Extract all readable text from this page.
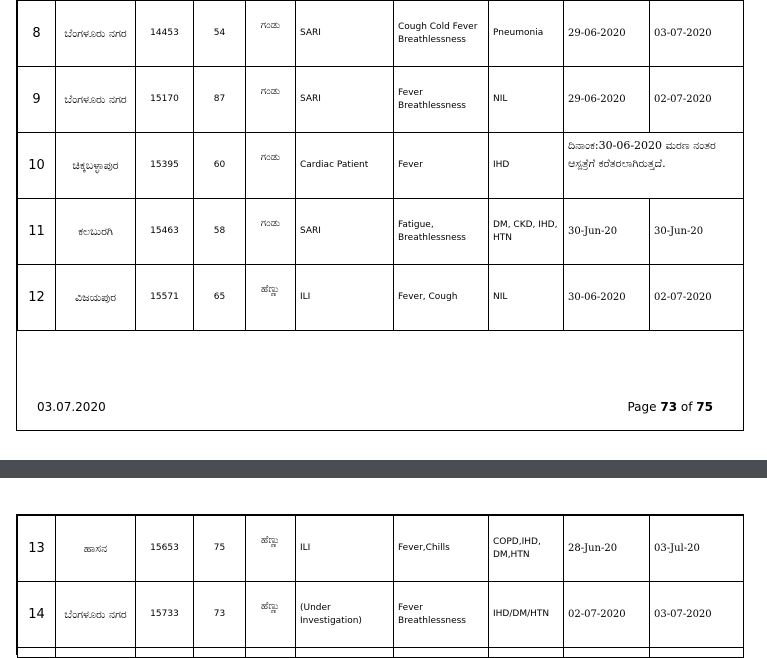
8	ಬೆಂಗಳೂರು ನಗರ	14453	54	ಗಂಡು	SARI	Cough Cold Fever Breathlessness	Pneumonia	29-06-2020	03-07-2020
9	ಬೆಂಗಳೂರು ನಗರ	15170	87	ಗಂಡು	SARI	Fever Breathlessness	NIL	29-06-2020	02-07-2020
10	ಚಿಕ್ಕಬಳ್ಳಾಪುರ	15395	60	ಗಂಡು	Cardiac Patient	Fever	IHD	ದಿನಾಂಕ:30-06-2020 ಮರಣ ನಂತರ ಆಸ್ಪತ್ರೆಗೆ ಕರೆತರಲಾಗಿರುತ್ತದೆ.	
11	ಕಲಬುರಗಿ	15463	58	ಗಂಡು	SARI	Fatigue, Breathlessness	DM, CKD, IHD, HTN	30-Jun-20	30-Jun-20
12	ವಿಜಯಪುರ	15571	65	ಹೆಣ್ಣು	ILI	Fever, Cough	NIL	30-06-2020	02-07-2020
03.07.2020	Page 73 of 75
13	ಹಾಸನ	15653	75	ಹೆಣ್ಣು	ILI	Fever,Chills	COPD,IHD, DM,HTN	28-Jun-20	03-Jul-20
14	ಬೆಂಗಳೂರು ನಗರ	15733	73	ಹೆಣ್ಣು	(Under Investigation)	Fever Breathlessness	IHD/DM/HTN	02-07-2020	03-07-2020
